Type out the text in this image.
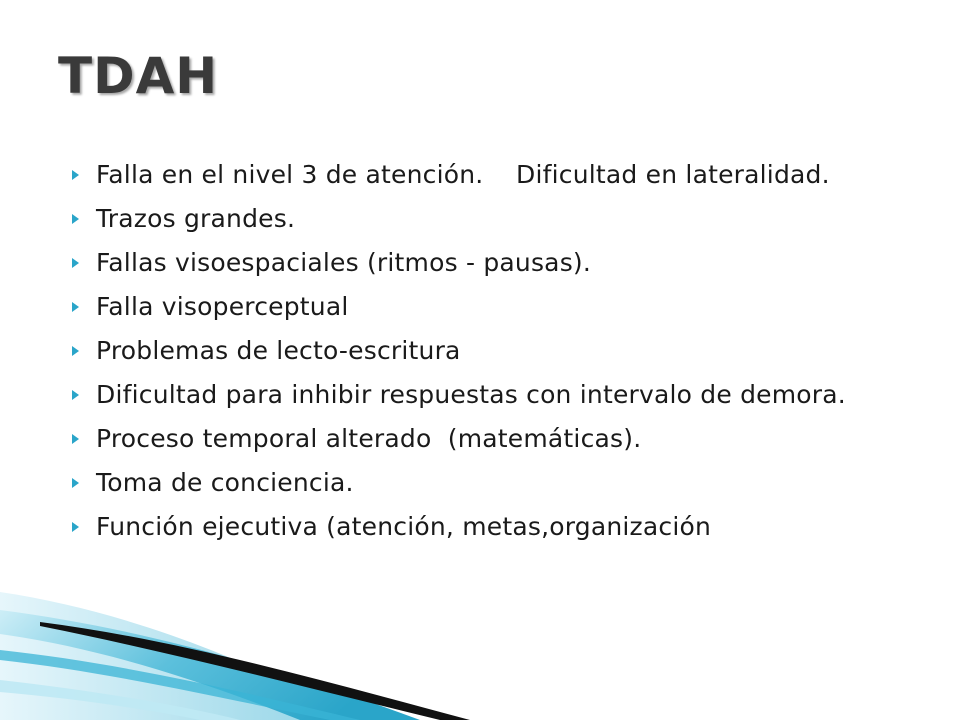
TDAH
Falla en el nivel 3 de atención.    Dificultad en lateralidad.
Trazos grandes.
Fallas visoespaciales (ritmos - pausas).
Falla visoperceptual
Problemas de lecto-escritura
Dificultad para inhibir respuestas con intervalo de demora.
Proceso temporal alterado  (matemáticas).
Toma de conciencia.
Función ejecutiva (atención, metas,organización
